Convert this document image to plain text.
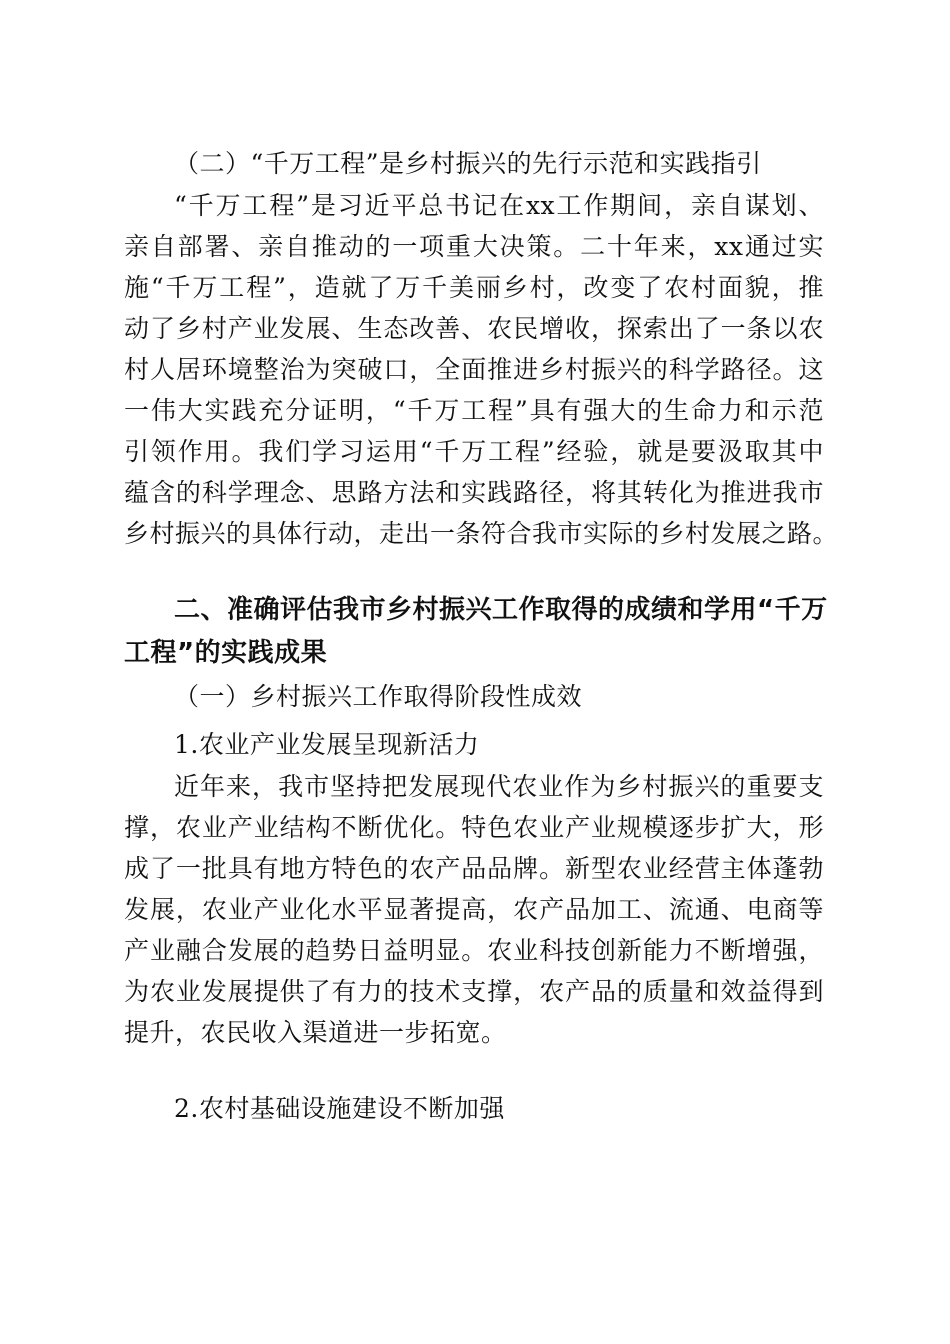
（二）“千万工程”是乡村振兴的先行示范和实践指引

“千万工程”是习近平总书记在xx工作期间，亲自谋划、
亲自部署、亲自推动的一项重大决策。二十年来，xx通过实
施“千万工程”，造就了万千美丽乡村，改变了农村面貌，推
动了乡村产业发展、生态改善、农民增收，探索出了一条以农
村人居环境整治为突破口，全面推进乡村振兴的科学路径。这
一伟大实践充分证明，“千万工程”具有强大的生命力和示范
引领作用。我们学习运用“千万工程”经验，就是要汲取其中
蕴含的科学理念、思路方法和实践路径，将其转化为推进我市
乡村振兴的具体行动，走出一条符合我市实际的乡村发展之路。

二、准确评估我市乡村振兴工作取得的成绩和学用“千万
工程”的实践成果

（一）乡村振兴工作取得阶段性成效

1.农业产业发展呈现新活力

近年来，我市坚持把发展现代农业作为乡村振兴的重要支
撑，农业产业结构不断优化。特色农业产业规模逐步扩大，形
成了一批具有地方特色的农产品品牌。新型农业经营主体蓬勃
发展，农业产业化水平显著提高，农产品加工、流通、电商等
产业融合发展的趋势日益明显。农业科技创新能力不断增强，
为农业发展提供了有力的技术支撑，农产品的质量和效益得到
提升，农民收入渠道进一步拓宽。

2.农村基础设施建设不断加强
